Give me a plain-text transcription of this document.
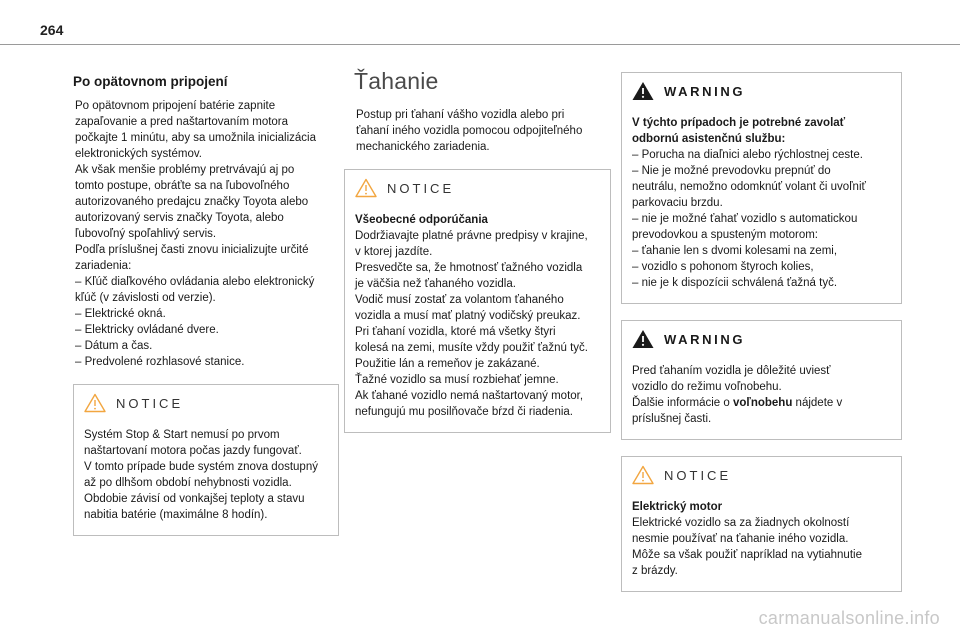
264
Po opätovnom pripojení

Po opätovnom pripojení batérie zapnite

zapaľovanie a pred naštartovaním motora

počkajte 1 minútu, aby sa umožnila inicializácia

elektronických systémov.

Ak však menšie problémy pretrvávajú aj po

tomto postupe, obráťte sa na ľubovoľného

autorizovaného predajcu značky Toyota alebo

autorizovaný servis značky Toyota, alebo

ľubovoľný spoľahlivý servis.

Podľa príslušnej časti znovu inicializujte určité

zariadenia:

– Kľúč diaľkového ovládania alebo elektronický

kľúč (v závislosti od verzie).

– Elektrické okná.

– Elektricky ovládané dvere.

– Dátum a čas.

– Predvolené rozhlasové stanice.

NOTICE

Systém Stop & Start nemusí po prvom

naštartovaní motora počas jazdy fungovať.

V tomto prípade bude systém znova dostupný

až po dlhšom období nehybnosti vozidla.

Obdobie závisí od vonkajšej teploty a stavu

nabitia batérie (maximálne 8 hodín).

Ťahanie

Postup pri ťahaní vášho vozidla alebo pri

ťahaní iného vozidla pomocou odpojiteľného

mechanického zariadenia.

NOTICE

Všeobecné odporúčania

Dodržiavajte platné právne predpisy v krajine,

v ktorej jazdíte.

Presvedčte sa, že hmotnosť ťažného vozidla

je väčšia než ťahaného vozidla.

Vodič musí zostať za volantom ťahaného

vozidla a musí mať platný vodičský preukaz.

Pri ťahaní vozidla, ktoré má všetky štyri

kolesá na zemi, musíte vždy použiť ťažnú tyč.

Použitie lán a remeňov je zakázané.

Ťažné vozidlo sa musí rozbiehať jemne.

Ak ťahané vozidlo nemá naštartovaný motor,

nefungujú mu posilňovače bŕzd či riadenia.

WARNING

V týchto prípadoch je potrebné zavolať

odbornú asistenčnú službu:

– Porucha na diaľnici alebo rýchlostnej ceste.

– Nie je možné prevodovku prepnúť do

neutrálu, nemožno odomknúť volant či uvoľniť

parkovaciu brzdu.

– nie je možné ťahať vozidlo s automatickou

prevodovkou a spusteným motorom:

– ťahanie len s dvomi kolesami na zemi,

– vozidlo s pohonom štyroch kolies,

– nie je k dispozícii schválená ťažná tyč.

WARNING

Pred ťahaním vozidla je dôležité uviesť

vozidlo do režimu voľnobehu.

Ďalšie informácie o voľnobehu nájdete v

príslušnej časti.

NOTICE

Elektrický motor

Elektrické vozidlo sa za žiadnych okolností

nesmie používať na ťahanie iného vozidla.

Môže sa však použiť napríklad na vytiahnutie

z brázdy.

carmanualsonline.info
